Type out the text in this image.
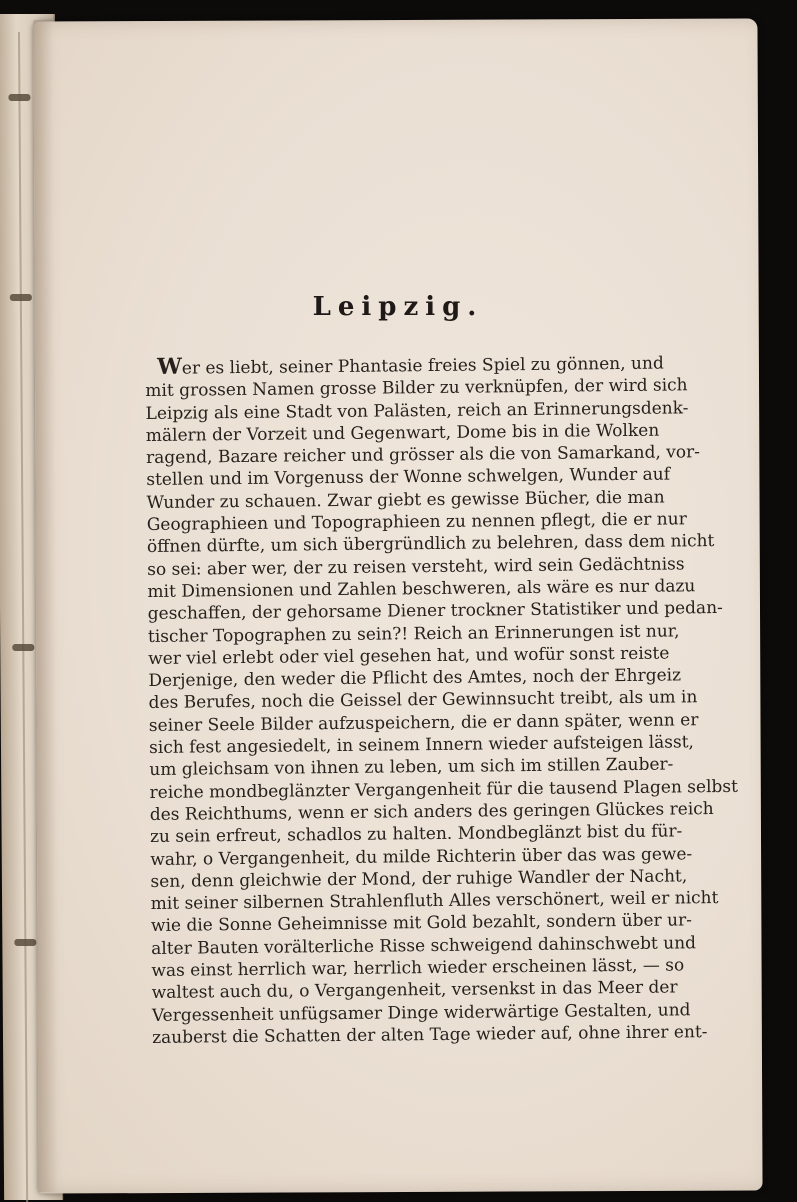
Leipzig.
Wer es liebt, seiner Phantasie freies Spiel zu gönnen, und
mit grossen Namen grosse Bilder zu verknüpfen, der wird sich
Leipzig als eine Stadt von Palästen, reich an Erinnerungsdenk-
mälern der Vorzeit und Gegenwart, Dome bis in die Wolken
ragend, Bazare reicher und grösser als die von Samarkand, vor-
stellen und im Vorgenuss der Wonne schwelgen, Wunder auf
Wunder zu schauen. Zwar giebt es gewisse Bücher, die man
Geographieen und Topographieen zu nennen pflegt, die er nur
öffnen dürfte, um sich übergründlich zu belehren, dass dem nicht
so sei: aber wer, der zu reisen versteht, wird sein Gedächtniss
mit Dimensionen und Zahlen beschweren, als wäre es nur dazu
geschaffen, der gehorsame Diener trockner Statistiker und pedan-
tischer Topographen zu sein?! Reich an Erinnerungen ist nur,
wer viel erlebt oder viel gesehen hat, und wofür sonst reiste
Derjenige, den weder die Pflicht des Amtes, noch der Ehrgeiz
des Berufes, noch die Geissel der Gewinnsucht treibt, als um in
seiner Seele Bilder aufzuspeichern, die er dann später, wenn er
sich fest angesiedelt, in seinem Innern wieder aufsteigen lässt,
um gleichsam von ihnen zu leben, um sich im stillen Zauber-
reiche mondbeglänzter Vergangenheit für die tausend Plagen selbst
des Reichthums, wenn er sich anders des geringen Glückes reich
zu sein erfreut, schadlos zu halten. Mondbeglänzt bist du für-
wahr, o Vergangenheit, du milde Richterin über das was gewe-
sen, denn gleichwie der Mond, der ruhige Wandler der Nacht,
mit seiner silbernen Strahlenfluth Alles verschönert, weil er nicht
wie die Sonne Geheimnisse mit Gold bezahlt, sondern über ur-
alter Bauten vorälterliche Risse schweigend dahinschwebt und
was einst herrlich war, herrlich wieder erscheinen lässt, — so
waltest auch du, o Vergangenheit, versenkst in das Meer der
Vergessenheit unfügsamer Dinge widerwärtige Gestalten, und
zauberst die Schatten der alten Tage wieder auf, ohne ihrer ent-
